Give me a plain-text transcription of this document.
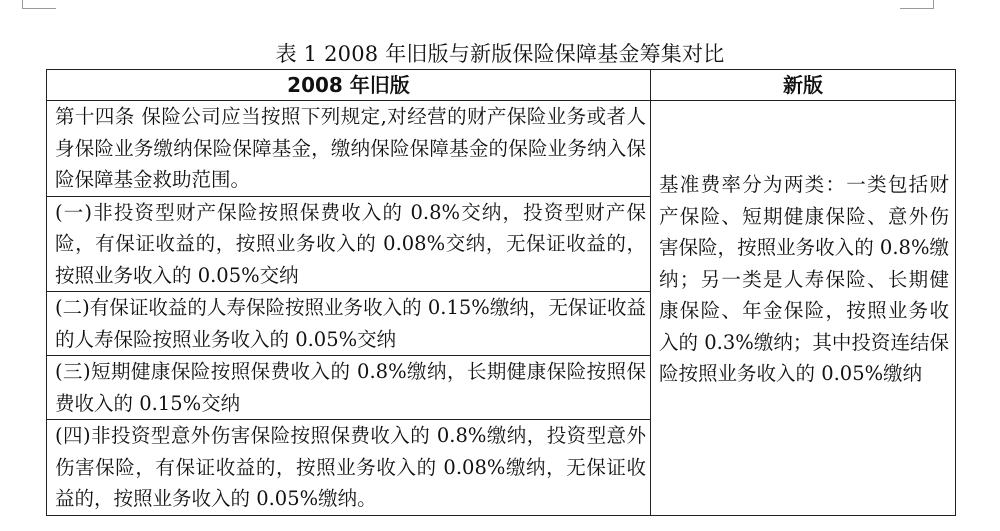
表 1 2008 年旧版与新版保险保障基金筹集对比
2008 年旧版	新版
第十四条 保险公司应当按照下列规定,对经营的财产保险业务或者人身保险业务缴纳保险保障基金，缴纳保险保障基金的保险业务纳入保险保障基金救助范围。	基准费率分为两类：一类包括财产保险、短期健康保险、意外伤害保险，按照业务收入的 0.8%缴纳；另一类是人寿保险、长期健康保险、年金保险，按照业务收入的 0.3%缴纳；其中投资连结保险按照业务收入的 0.05%缴纳
(一)非投资型财产保险按照保费收入的 0.8%交纳，投资型财产保险，有保证收益的，按照业务收入的 0.08%交纳，无保证收益的，按照业务收入的 0.05%交纳	
(二)有保证收益的人寿保险按照业务收入的 0.15%缴纳，无保证收益的人寿保险按照业务收入的 0.05%交纳	
(三)短期健康保险按照保费收入的 0.8%缴纳，长期健康保险按照保费收入的 0.15%交纳	
(四)非投资型意外伤害保险按照保费收入的 0.8%缴纳，投资型意外伤害保险，有保证收益的，按照业务收入的 0.08%缴纳，无保证收益的，按照业务收入的 0.05%缴纳。	
